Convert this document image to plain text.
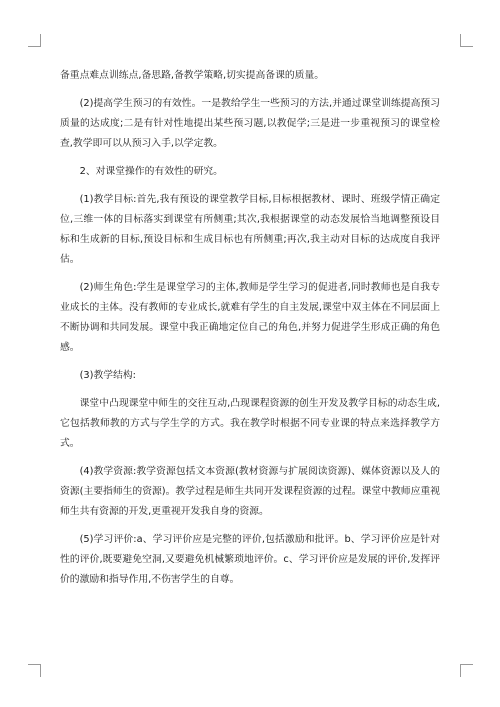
备重点难点训练点,备思路,备教学策略,切实提高备课的质量。

(2)提高学生预习的有效性。一是教给学生一些预习的方法,并通过课堂训练提高预习质量的达成度;二是有针对性地提出某些预习题,以教促学;三是进一步重视预习的课堂检查,教学即可以从预习入手,以学定教。

2、对课堂操作的有效性的研究。

(1)教学目标:首先,我有预设的课堂教学目标,目标根据教材、课时、班级学情正确定位,三维一体的目标落实到课堂有所侧重;其次,我根据课堂的动态发展恰当地调整预设目标和生成新的目标,预设目标和生成目标也有所侧重;再次,我主动对目标的达成度自我评估。

(2)师生角色:学生是课堂学习的主体,教师是学生学习的促进者,同时教师也是自我专业成长的主体。没有教师的专业成长,就难有学生的自主发展,课堂中双主体在不同层面上不断协调和共同发展。课堂中我正确地定位自己的角色,并努力促进学生形成正确的角色感。

(3)教学结构:

课堂中凸现课堂中师生的交往互动,凸现课程资源的创生开发及教学目标的动态生成,它包括教师教的方式与学生学的方式。我在教学时根据不同专业课的特点来选择教学方式。

(4)教学资源:教学资源包括文本资源(教材资源与扩展阅读资源)、媒体资源以及人的资源(主要指师生的资源)。教学过程是师生共同开发课程资源的过程。课堂中教师应重视师生共有资源的开发,更重视开发我自身的资源。

(5)学习评价:a、学习评价应是完整的评价,包括激励和批评。b、学习评价应是针对性的评价,既要避免空洞,又要避免机械繁琐地评价。c、学习评价应是发展的评价,发挥评价的激励和指导作用,不伤害学生的自尊。
